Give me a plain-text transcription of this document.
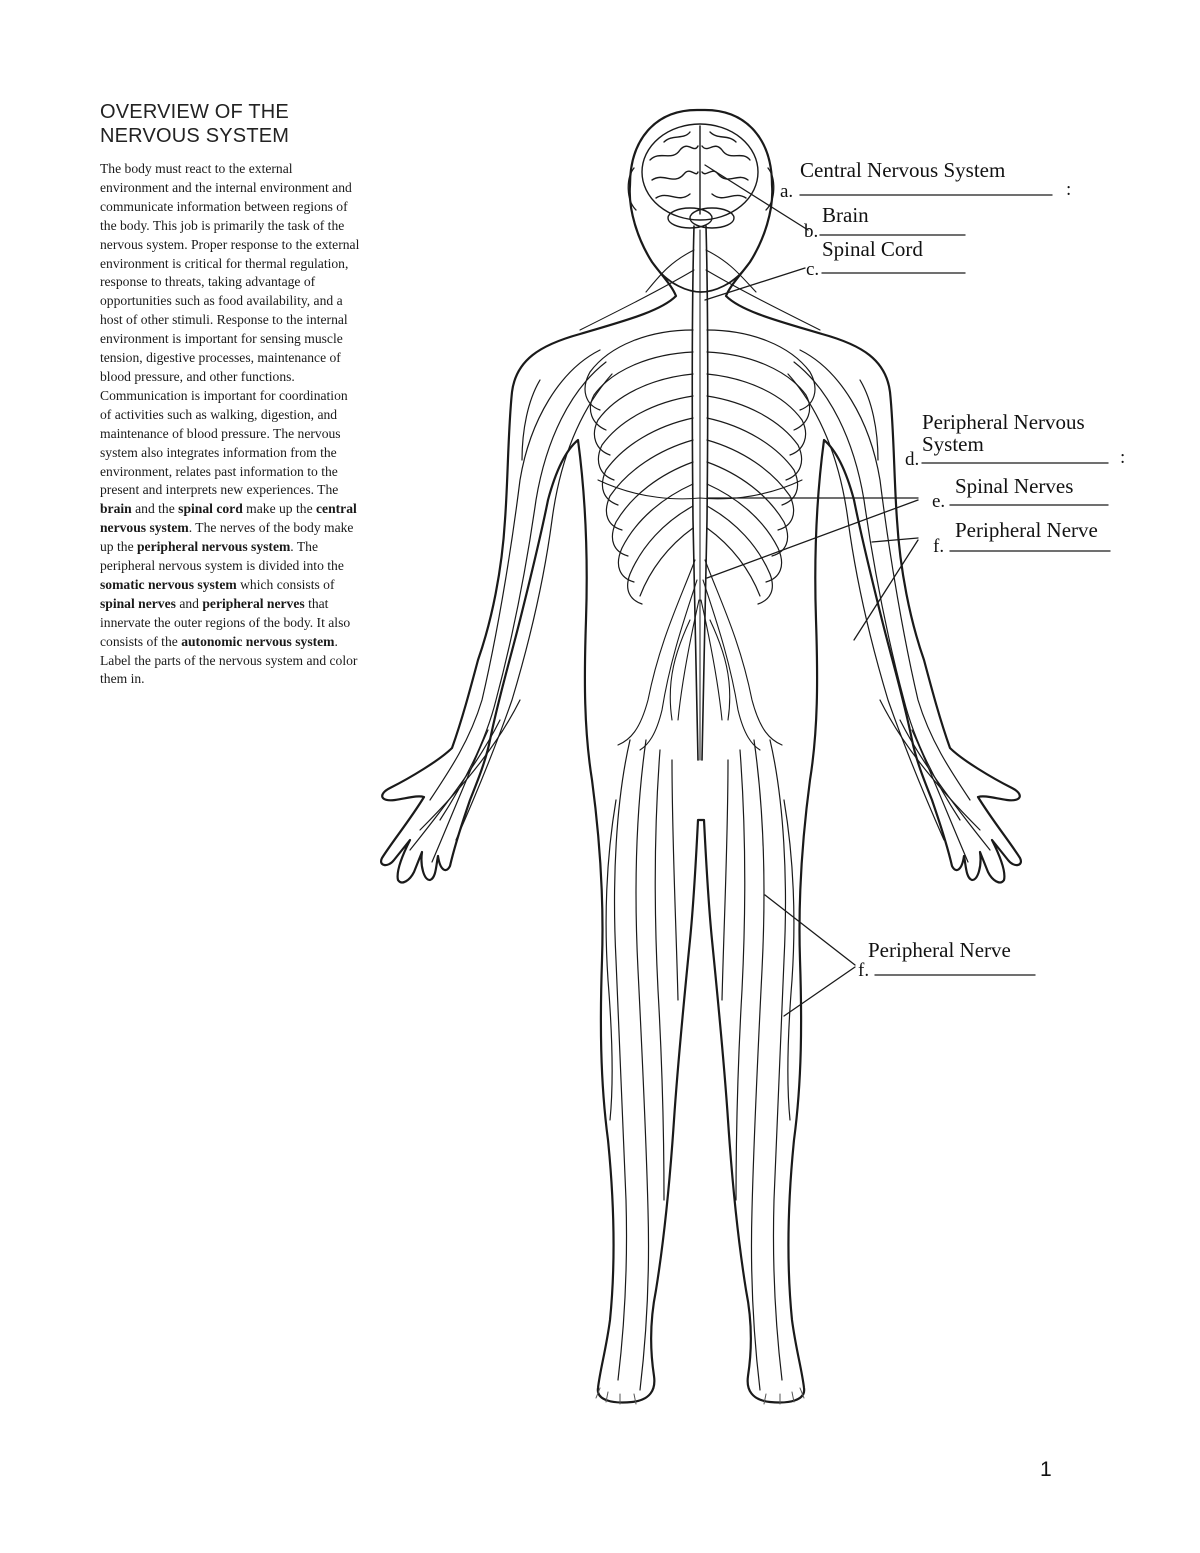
OVERVIEW OF THE
NERVOUS SYSTEM
The body must react to the external environment and the internal environment and communicate information between regions of the body. This job is primarily the task of the nervous system. Proper response to the external environment is critical for thermal regulation, response to threats, taking advantage of opportunities such as food availability, and a host of other stimuli. Response to the internal environment is important for sensing muscle tension, digestive processes, maintenance of blood pressure, and other functions. Communication is important for coordination of activities such as walking, digestion, and maintenance of blood pressure. The nervous system also integrates information from the environment, relates past information to the present and interprets new experiences. The brain and the spinal cord make up the central nervous system. The nerves of the body make up the peripheral nervous system. The peripheral nervous system is divided into the somatic nervous system which consists of spinal nerves and peripheral nerves that innervate the outer regions of the body. It also consists of the autonomic nervous system. Label the parts of the nervous system and color them in.
Central Nervous System
a.	:
Brain
b.
Spinal Cord
c.
Peripheral Nervous
System
d.	:
Spinal Nerves
e.
Peripheral Nerve
f.
Peripheral Nerve
f.
1
